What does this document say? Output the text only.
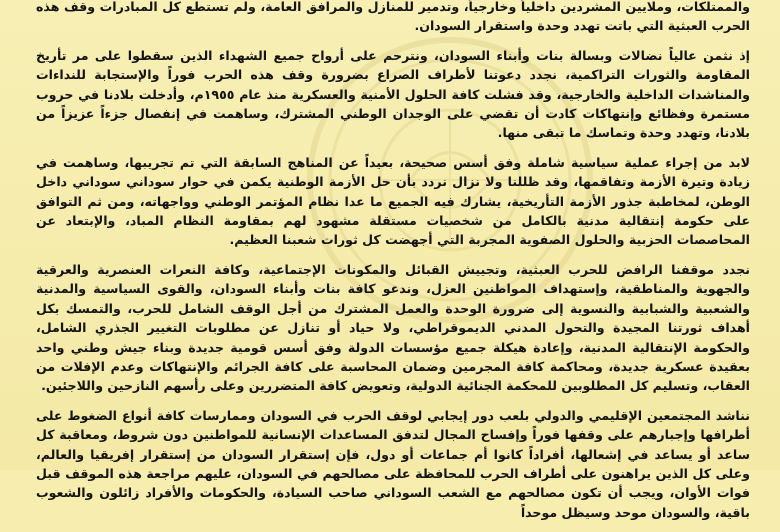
والممتلكات، وملايين المشردين داخلياً وخارجياً، وتدمير للمنازل والمرافق العامة، ولم تستطع كل المبادرات وقف هذه الحرب العبثية التي باتت تهدد وحدة واستقرار السودان.

إذ نثمن عالياً نضالات وبسالة بنات وأبناء السودان، ونترحم على أرواح جميع الشهداء الذين سقطوا على مر تأريخ المقاومة والثورات التراكمية، نجدد دعوتنا لأطراف الصراع بضرورة وقف هذه الحرب فوراً والإستجابة للنداءات والمناشدات الداخلية والخارجية، وقد فشلت كافة الحلول الأمنية والعسكرية منذ عام ١٩٥٥م، وأدخلت بلادنا في حروب مستمرة وفظائع وإنتهاكات كادت أن تقضي على الوجدان الوطني المشترك، وساهمت في إنفصال جزءاً عزيزاً من بلادنا، وتهدد وحدة وتماسك ما تبقى منها.

لابد من إجراء عملية سياسية شاملة وفق أسس صحيحة، بعيداً عن المناهج السابقة التي تم تجريبها، وساهمت في زيادة وتيرة الأزمة وتفاقمها، وقد ظللنا ولا نزال نردد بأن حل الأزمة الوطنية يكمن في حوار سوداني سوداني داخل الوطن، لمخاطبة جذور الأزمة التأريخية، يشارك فيه الجميع ما عدا نظام المؤتمر الوطني وواجهاته، ومن ثم التوافق على حكومة إنتقالية مدنية بالكامل من شخصيات مستقلة مشهود لهم بمقاومة النظام المباد، والإبتعاد عن المحاصصات الحزبية والحلول الصفوية المجربة التي أجهضت كل ثورات شعبنا العظيم.

نجدد موقفنا الرافض للحرب العبثية، وتجييش القبائل والمكونات الإجتماعية، وكافة النعرات العنصرية والعرقية والجهوية والمناطقية، وإستهداف المواطنين العزل، وندعو كافة بنات وأبناء السودان، والقوى السياسية والمدنية والشعبية والشبابية والنسوية إلى ضرورة الوحدة والعمل المشترك من أجل الوقف الشامل للحرب، والتمسك بكل أهداف ثورتنا المجيدة والتحول المدني الديموقراطي، ولا حياد أو تنازل عن مطلوبات التغيير الجذري الشامل، والحكومة الإنتقالية المدنية، وإعادة هيكلة جميع مؤسسات الدولة وفق أسس قومية جديدة وبناء جيش وطني واحد بعقيدة عسكرية جديدة، ومحاكمة كافة المجرمين وضمان المحاسبة على كافة الجرائم والإنتهاكات وعدم الإفلات من العقاب، وتسليم كل المطلوبين للمحكمة الجنائية الدولية، وتعويض كافة المتضررين وعلى رأسهم النازحين واللاجئين.

نناشد المجتمعين الإقليمي والدولي بلعب دور إيجابي لوقف الحرب في السودان وممارسات كافة أنواع الضغوط على أطرافها وإجبارهم على وقفها فوراً وإفساح المجال لتدفق المساعدات الإنسانية للمواطنين دون شروط، ومعاقبة كل ساعد أو يساعد في إشعالها، أفراداً كانوا أم جماعات أو دول، فإن إستقرار السودان من إستقرار إفريقيا والعالم، وعلى كل الذين يراهنون على أطراف الحرب للمحافظة على مصالحهم في السودان، عليهم مراجعة هذه الموقف قبل فوات الأوان، ويجب أن تكون مصالحهم مع الشعب السوداني صاحب السيادة، والحكومات والأفراد زائلون والشعوب باقية، والسودان موحد وسيظل موحداً
